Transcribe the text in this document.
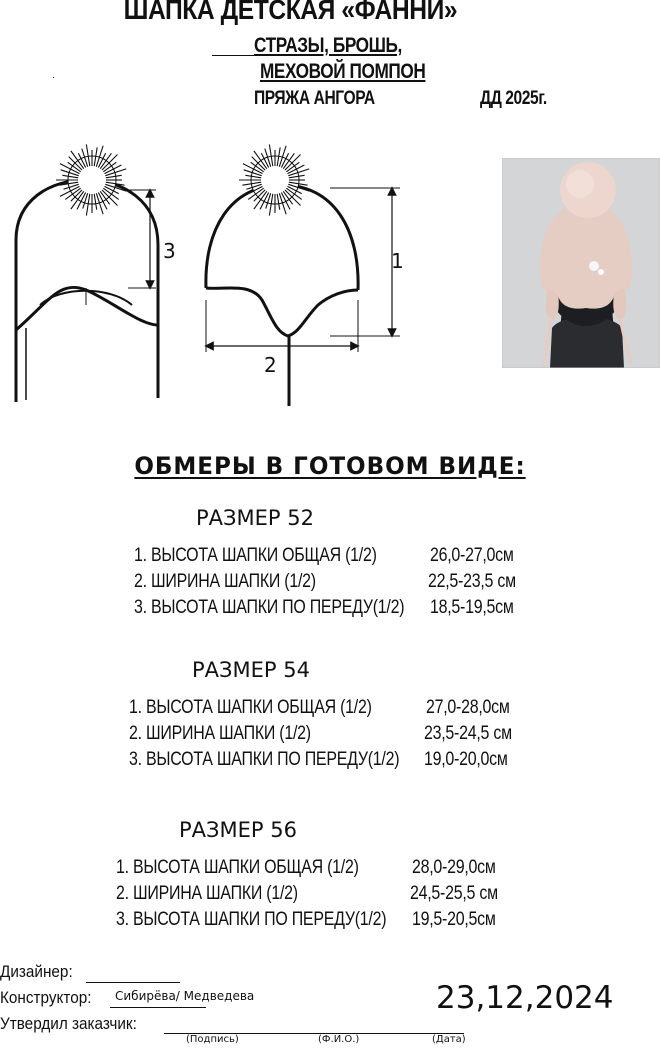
ШАПКА ДЕТСКАЯ «ФАННИ»
СТРАЗЫ, БРОШЬ,
МЕХОВОЙ ПОМПОН
ПРЯЖА АНГОРА	ДД 2025г.
.
3	1
2
ОБМЕРЫ В ГОТОВОМ ВИДЕ:
РАЗМЕР 52
1. ВЫСОТА ШАПКИ ОБЩАЯ (1/2)	26,0-27,0см
2. ШИРИНА ШАПКИ (1/2)	22,5-23,5 см
3. ВЫСОТА ШАПКИ ПО ПЕРЕДУ(1/2) 18,5-19,5см
РАЗМЕР 54
1. ВЫСОТА ШАПКИ ОБЩАЯ (1/2)	27,0-28,0см
2. ШИРИНА ШАПКИ (1/2)	23,5-24,5 см
3. ВЫСОТА ШАПКИ ПО ПЕРЕДУ(1/2) 19,0-20,0см
РАЗМЕР 56
1. ВЫСОТА ШАПКИ ОБЩАЯ (1/2)	28,0-29,0см
2. ШИРИНА ШАПКИ (1/2)	24,5-25,5 см
3. ВЫСОТА ШАПКИ ПО ПЕРЕДУ(1/2) 19,5-20,5см
Дизайнер:
Конструктор: Сибирёва/ Медведева
Утвердил заказчик:
(Подпись)	(Ф.И.О.)	(Дата)
23,12,2024
